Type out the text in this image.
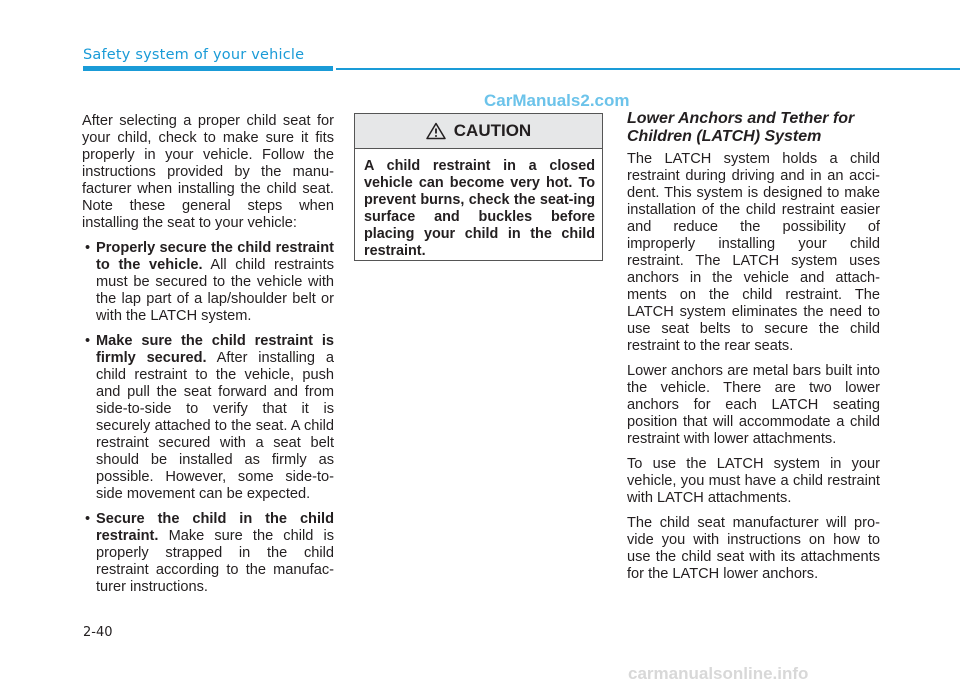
Safety system of your vehicle
CarManuals2.com

After selecting a proper child seat for your child, check to make sure it fits properly in your vehicle. Follow the instructions provided by the manu-facturer when installing the child seat. Note these general steps when installing the seat to your vehicle:

• Properly secure the child restraint to the vehicle. All child restraints must be secured to the vehicle with the lap part of a lap/shoulder belt or with the LATCH system.
• Make sure the child restraint is firmly secured. After installing a child restraint to the vehicle, push and pull the seat forward and from side-to-side to verify that it is securely attached to the seat. A child restraint secured with a seat belt should be installed as firmly as possible. However, some side-to-side movement can be expected.
• Secure the child in the child restraint. Make sure the child is properly strapped in the child restraint according to the manufac-turer instructions.
CAUTION
A child restraint in a closed vehicle can become very hot. To prevent burns, check the seat-ing surface and buckles before placing your child in the child restraint.
Lower Anchors and Tether for Children (LATCH) System

The LATCH system holds a child restraint during driving and in an acci-dent. This system is designed to make installation of the child restraint easier and reduce the possibility of improperly installing your child restraint. The LATCH system uses anchors in the vehicle and attach-ments on the child restraint. The LATCH system eliminates the need to use seat belts to secure the child restraint to the rear seats.

Lower anchors are metal bars built into the vehicle. There are two lower anchors for each LATCH seating position that will accommodate a child restraint with lower attachments.

To use the LATCH system in your vehicle, you must have a child restraint with LATCH attachments.

The child seat manufacturer will pro-vide you with instructions on how to use the child seat with its attachments for the LATCH lower anchors.

2-40
carmanualsonline.info
